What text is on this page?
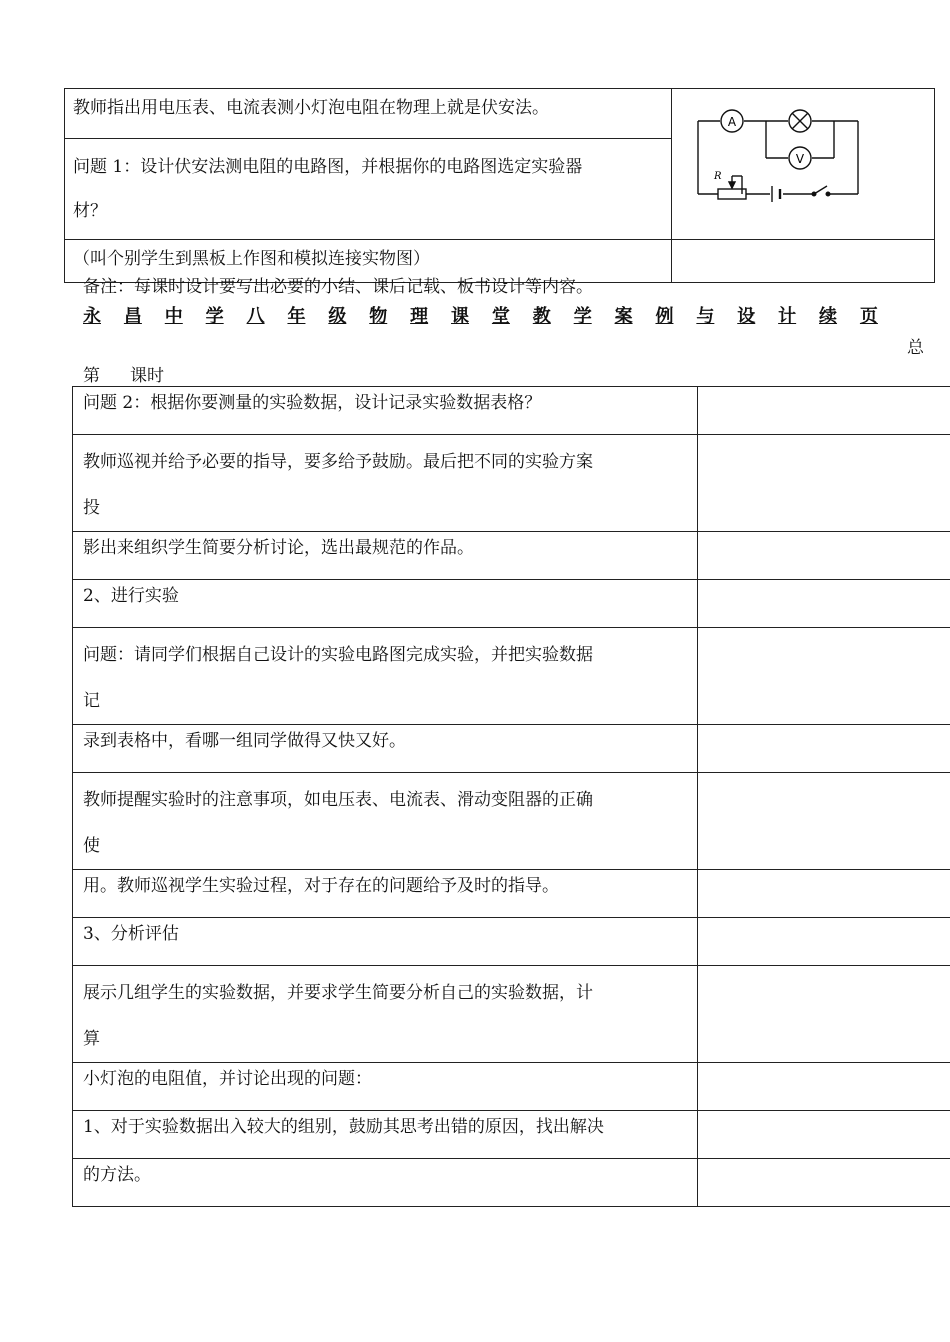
教师指出用电压表、电流表测小灯泡电阻在物理上就是伏安法。	A
V
R

问题 1：设计伏安法测电阻的电路图，并根据你的电路图选定实验器
材？	

（叫个别学生到黑板上作图和模拟连接实物图）	

备注：每课时设计要写出必要的小结、课后记载、板书设计等内容。
永 昌 中 学 八 年 级 物 理 课 堂 教 学 案 例 与 设 计 续 页
总
第 课时
问题 2：根据你要测量的实验数据，设计记录实验数据表格？	

教师巡视并给予必要的指导，要多给予鼓励。最后把不同的实验方案
投	

影出来组织学生简要分析讨论，选出最规范的作品。	

2、进行实验	

问题：请同学们根据自己设计的实验电路图完成实验，并把实验数据
记	

录到表格中，看哪一组同学做得又快又好。	

教师提醒实验时的注意事项，如电压表、电流表、滑动变阻器的正确
使	

用。教师巡视学生实验过程，对于存在的问题给予及时的指导。	

3、分析评估	

展示几组学生的实验数据，并要求学生简要分析自己的实验数据，计
算	

小灯泡的电阻值，并讨论出现的问题：	

1、对于实验数据出入较大的组别，鼓励其思考出错的原因，找出解决	

的方法。	
